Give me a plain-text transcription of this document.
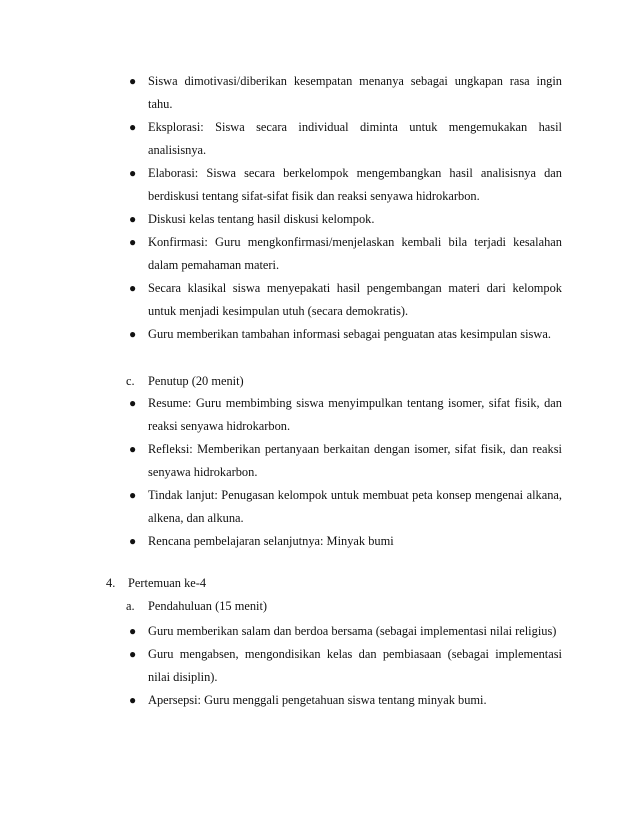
● Siswa dimotivasi/diberikan kesempatan menanya sebagai ungkapan rasa ingin tahu.
● Eksplorasi: Siswa secara individual diminta untuk mengemukakan hasil analisisnya.
● Elaborasi: Siswa secara berkelompok mengembangkan hasil analisisnya dan berdiskusi tentang sifat-sifat fisik dan reaksi senyawa hidrokarbon.
● Diskusi kelas tentang hasil diskusi kelompok.
● Konfirmasi: Guru mengkonfirmasi/menjelaskan kembali bila terjadi kesalahan dalam pemahaman materi.
● Secara klasikal siswa menyepakati hasil pengembangan materi dari kelompok untuk menjadi kesimpulan utuh (secara demokratis).
● Guru memberikan tambahan informasi sebagai penguatan atas kesimpulan siswa.
c. Penutup (20 menit)
● Resume: Guru membimbing siswa menyimpulkan tentang isomer, sifat fisik, dan reaksi senyawa hidrokarbon.
● Refleksi: Memberikan pertanyaan berkaitan dengan isomer, sifat fisik, dan reaksi senyawa hidrokarbon.
● Tindak lanjut: Penugasan kelompok untuk membuat peta konsep mengenai alkana, alkena, dan alkuna.
● Rencana pembelajaran selanjutnya: Minyak bumi
4. Pertemuan ke-4
a. Pendahuluan (15 menit)
● Guru memberikan salam dan berdoa bersama (sebagai implementasi nilai religius)
● Guru mengabsen, mengondisikan kelas dan pembiasaan (sebagai implementasi nilai disiplin).
● Apersepsi: Guru menggali pengetahuan siswa tentang minyak bumi.
